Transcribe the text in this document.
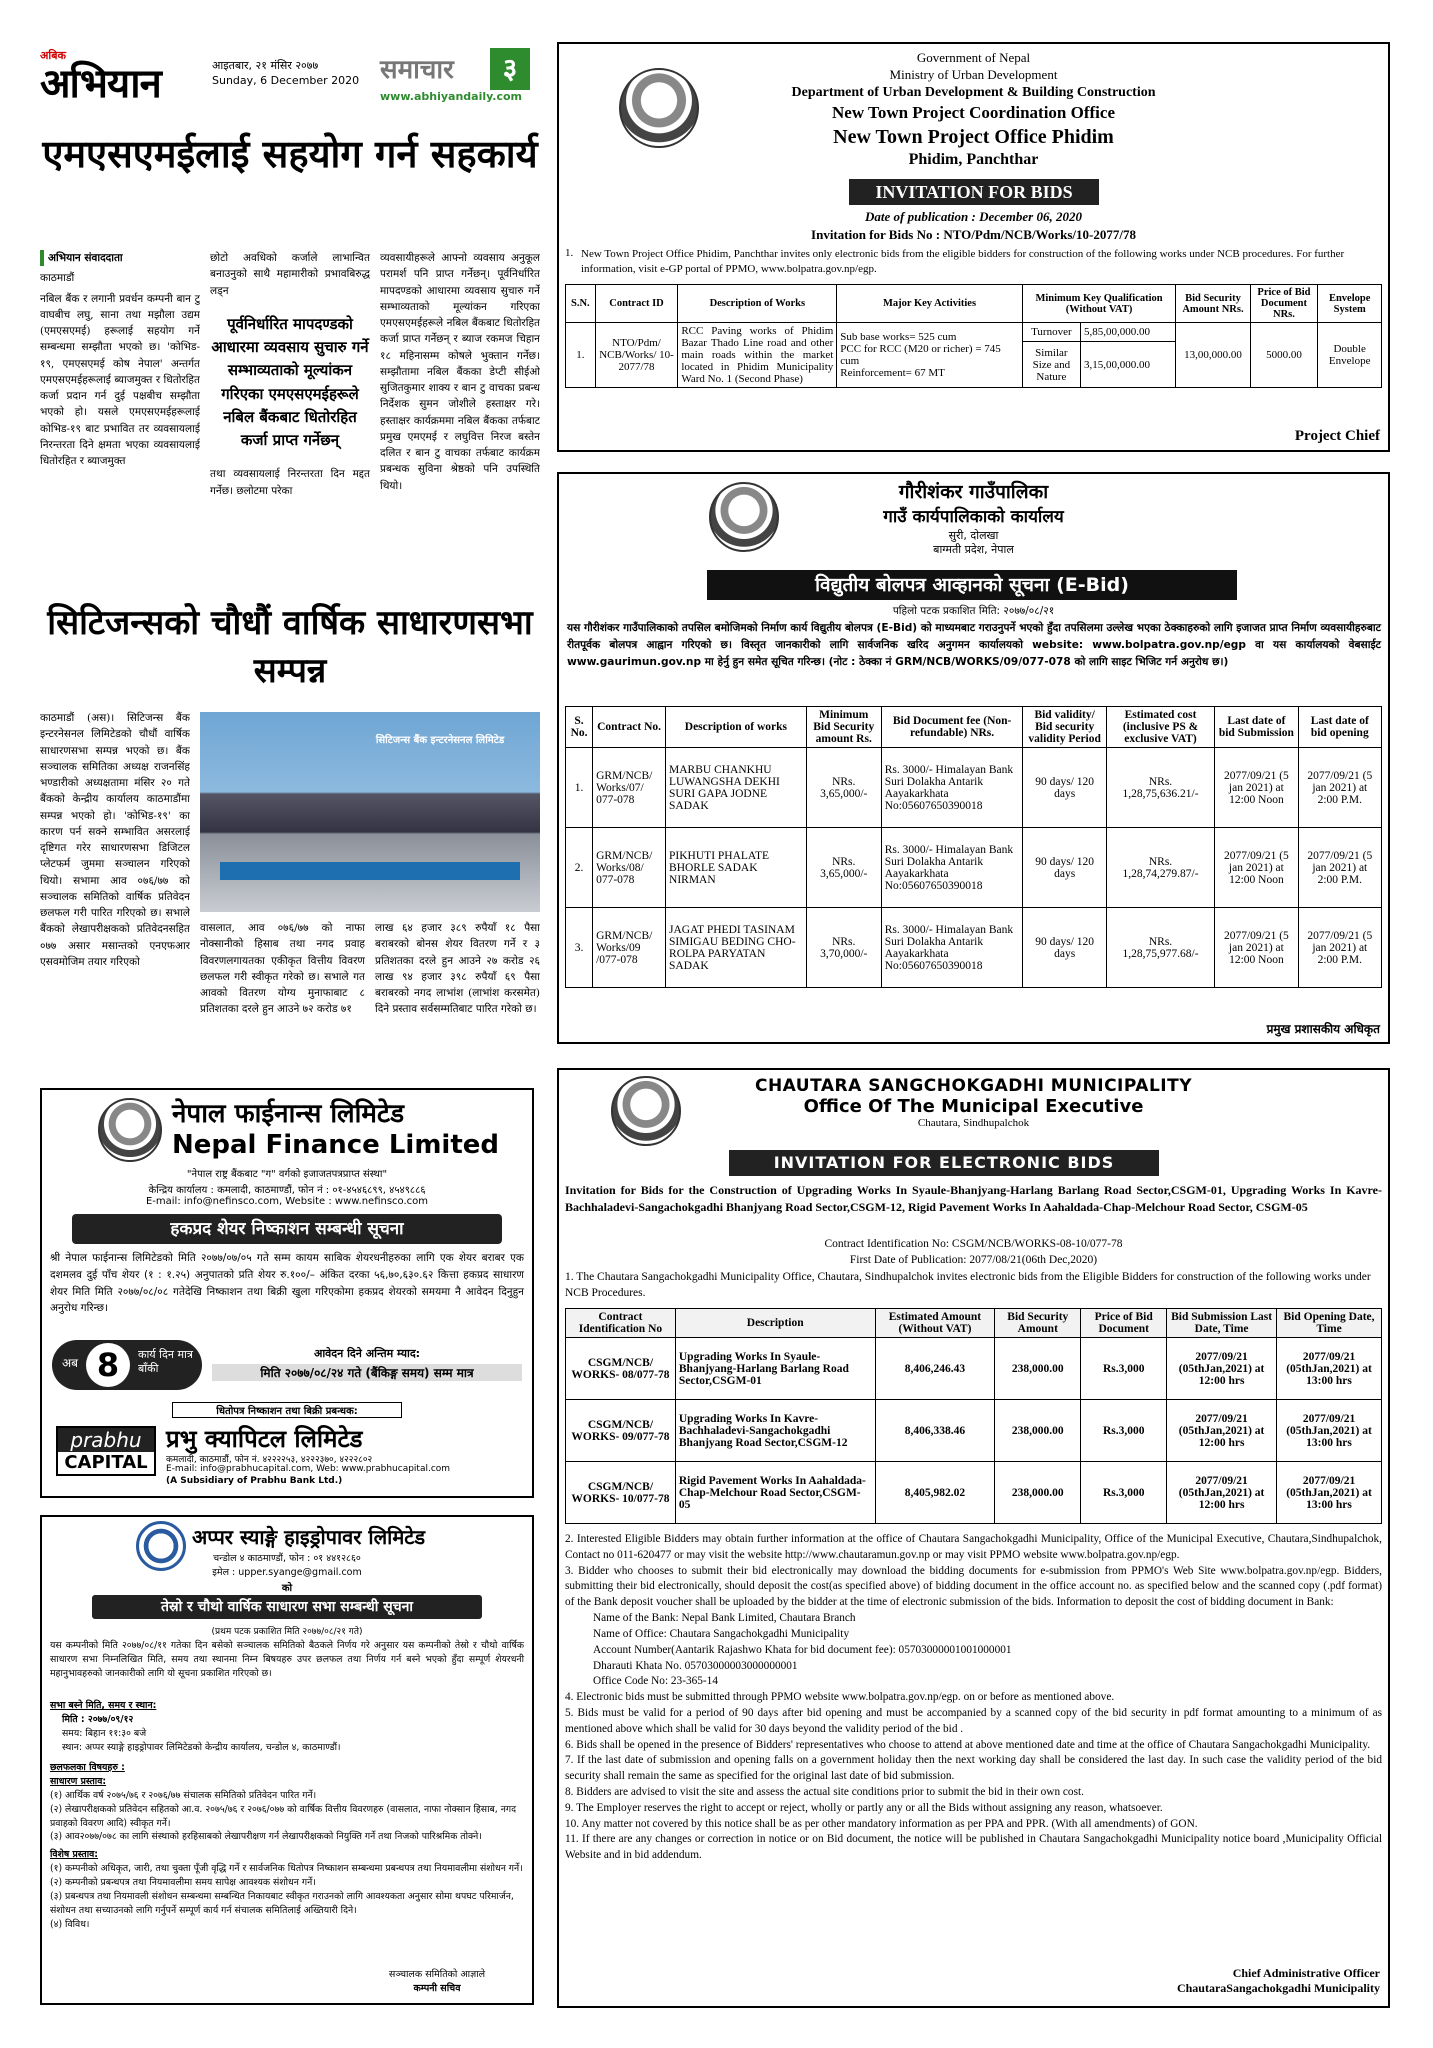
अबिक
अभियान	आइतबार, २१ मंसिर २०७७
Sunday, 6 December 2020 समाचार	३
www.abhiyandaily.com
एमएसएमईलाई सहयोग गर्न सहकार्य
अभियान संवाददाता
काठमाडौं
नबिल बैंक र लगानी प्रवर्धन कम्पनी बान टु वाघबीच लघु, साना तथा मझौला उद्यम (एमएसएमई) हरूलाई सहयोग गर्ने सम्बन्धमा सम्झौता भएको छ। 'कोभिड- १९, एमएसएमई कोष नेपाल' अन्तर्गत एमएसएमईहरूलाई ब्याजमुक्त र धितोरहित कर्जा प्रदान गर्न दुई पक्षबीच सम्झौता भएको हो। यसले एमएसएमईहरूलाई कोभिड-१९ बाट प्रभावित तर व्यवसायलाई निरन्तरता दिने क्षमता भएका व्यवसायलाई धितोरहित र ब्याजमुक्त
छोटो अवधिको कर्जाले लाभान्वित बनाउनुको साथै महामारीको प्रभावबिरुद्ध लड्न
पूर्वनिर्धारित मापदण्डको आधारमा व्यवसाय सुचारु गर्ने सम्भाव्यताको मूल्यांकन गरिएका एमएसएमईहरूले नबिल बैंकबाट धितोरहित कर्जा प्राप्त गर्नेछन्
तथा व्यवसायलाई निरन्तरता दिन मद्दत गर्नेछ। छलोटमा परेका
व्यवसायीहरूले आफ्नो व्यवसाय अनुकूल परामर्श पनि प्राप्त गर्नेछन्। पूर्वनिर्धारित मापदण्डको आधारमा व्यवसाय सुचारु गर्ने सम्भाव्यताको मूल्यांकन गरिएका एमएसएमईहरूले नबिल बैंकबाट धितोरहित कर्जा प्राप्त गर्नेछन् र ब्याज रकमज चिहान १८ महिनासम्म कोषले भुक्तान गर्नेछ। सम्झौतामा नबिल बैंकका डेप्टी सीईओ सुजितकुमार शाक्य र बान टु वाचका प्रबन्ध निर्देशक सुमन जोशीले हस्ताक्षर गरे। हस्ताक्षर कार्यक्रममा नबिल बैंकका तर्फबाट प्रमुख एमएमई र लघुवित्त निरज बस्तेन दलित र बान टु वाचका तर्फबाट कार्यक्रम प्रबन्धक सुविना श्रेष्ठको पनि उपस्थिति थियो।
सिटिजन्सको चौधौं वार्षिक साधारणसभा सम्पन्न
काठमाडौं (अस)। सिटिजन्स बैंक इन्टरनेसनल लिमिटेडको चौधौं वार्षिक साधारणसभा सम्पन्न भएको छ। बैंक सञ्चालक समितिका अध्यक्ष राजनसिंह भण्डारीको अध्यक्षतामा मंसिर २० गते बैंकको केन्द्रीय कार्यालय काठमाडौंमा सम्पन्न भएको हो। 'कोभिड-१९' का कारण पर्न सक्ने सम्भावित असरलाई दृष्टिगत गरेर साधारणसभा डिजिटल प्लेटफर्म जुममा सञ्चालन गरिएको थियो। सभामा आव ०७६/७७ को सञ्चालक समितिको वार्षिक प्रतिवेदन छलफल गरी पारित गरिएको छ। सभाले बैंकको लेखापरीक्षकको प्रतिवेदनसहित ०७७ असार मसान्तको एनएफआर एसवमोजिम तयार गरिएको
सिटिजन्स बैंक इन्टरनेसनल लिमिटेड
वासलात, आव ०७६/७७ को नाफा नोक्सानीको हिसाब तथा नगद प्रवाह विवरणलगायतका एकीकृत वित्तीय विवरण छलफल गरी स्वीकृत गरेको छ। सभाले गत आवको वितरण योग्य मुनाफाबाट ८ प्रतिशतका दरले हुन आउने ७२ करोड ७१
लाख ६४ हजार ३८९ रुपैयाँ १८ पैसा बराबरको बोनस शेयर वितरण गर्ने र ३ प्रतिशतका दरले हुन आउने २७ करोड २६ लाख ९४ हजार ३९८ रुपैयाँ ६९ पैसा बराबरको नगद लाभांश (लाभांश करसमेत) दिने प्रस्ताव सर्वसम्मतिबाट पारित गरेको छ।
नेपाल फाईनान्स लिमिटेड
Nepal Finance Limited
"नेपाल राष्ट्र बैंकबाट "ग" वर्गको इजाजतपत्रप्राप्त संस्था"
केन्द्रिय कार्यालय : कमलादी, काठमाण्डौं, फोन नं : ०१-४५४६८९९, ४५४९८८६
E-mail: info@nefinsco.com, Website : www.nefinsco.com
हकप्रद शेयर निष्काशन सम्बन्धी सूचना
श्री नेपाल फाईनान्स लिमिटेडको मिति २०७७/०७/०५ गते सम्म कायम साबिक शेयरधनीहरुका लागि एक शेयर बराबर एक दशमलव दुई पाँच शेयर (१ : १.२५) अनुपातको प्रति शेयर रु.१००/– अंकित दरका ५६,७०,६३०.६२ कित्ता हकप्रद साधारण शेयर मिति मिति २०७७/०८/०८ गतेदेखि निष्काशन तथा बिक्री खुला गरिएकोमा हकप्रद शेयरको समयमा नै आवेदन दिनुहुन अनुरोध गरिन्छ।
अब 8	कार्य दिन मात्र बाँकी
आवेदन दिने अन्तिम म्याद:
मिति २०७७/०८/२४ गते (बैंकिङ्ग समय) सम्म मात्र
धितोपत्र निष्काशन तथा बिक्री प्रबन्धक:
prabhu
CAPITAL
प्रभु क्यापिटल लिमिटेड
कमलादी, काठमाडौं, फोन नं. ४२२२२५३, ४२२२३७०, ४२२२८०२
E-mail: info@prabhucapital.com, Web: www.prabhucapital.com
(A Subsidiary of Prabhu Bank Ltd.)
अप्पर स्याङ्गे हाइड्रोपावर लिमिटेड
चन्डोल ४ काठमाण्डौं, फोन : ०१ ४४१२८६०
इमेल : upper.syange@gmail.com
को
तेस्रो र चौथो वार्षिक साधारण सभा सम्बन्धी सूचना
(प्रथम पटक प्रकाशित मिति २०७७/०८/२१ गते)
यस कम्पनीको मिति २०७७/०८/११ गतेका दिन बसेको सञ्चालक समितिको बैठकले निर्णय गरे अनुसार यस कम्पनीको तेस्रो र चौथो वार्षिक साधारण सभा निम्नलिखित मिति, समय तथा स्थानमा निम्न बिषयहरु उपर छलफल तथा निर्णय गर्न बस्ने भएको हुँदा सम्पूर्ण शेयरधनी महानुभावहरुको जानकारीको लागि यो सूचना प्रकाशित गरिएको छ।
सभा बस्ने मिति, समय र स्थान:
मिति : २०७७/०९/१२
समय: बिहान ११:३० बजे
स्थान: अप्पर स्याङ्गे हाइड्रोपावर लिमिटेडको केन्द्रीय कार्यालय, चन्डोल ४, काठमाण्डौं।
छलफलका विषयहरु :
साधारण प्रस्ताव:
(१) आर्थिक वर्ष २०७५/७६ र २०७६/७७ संचालक समितिको प्रतिवेदन पारित गर्ने।
(२) लेखापरीक्षकको प्रतिवेदन सहितको आ.व. २०७५/७६ र २०७६/०७७ को वार्षिक वित्तीय विवरणहरु (वासलात, नाफा नोक्सान हिसाब, नगद प्रवाहको विवरण आदि) स्वीकृत गर्ने।
(३) आव२०७७/०७८ का लागि संस्थाको हरहिसाबको लेखापरीक्षण गर्न लेखापरीक्षकको नियुक्ति गर्ने तथा निजको पारिश्रमिक तोक्ने।
विशेष प्रस्ताव:
(१) कम्पनीको अधिकृत, जारी, तथा चुक्ता पूँजी वृद्धि गर्ने र सार्वजनिक धितोपत्र निष्काशन सम्बन्धमा प्रबन्धपत्र तथा नियमावलीमा संशोधन गर्ने।
(२) कम्पनीको प्रबन्धपत्र तथा नियमावलीमा समय सापेक्ष आवश्यक संशोधन गर्ने।
(३) प्रबन्धपत्र तथा नियमावली संशोधन सम्बन्धमा सम्बन्धित निकायबाट स्वीकृत गराउनको लागि आवश्यकता अनुसार सोमा थपघट परिमार्जन, संशोधन तथा सच्याउनको लागि गर्नुपर्ने सम्पूर्ण कार्य गर्न संचालक समितिलाई अख्तियारी दिने।
(४) विविध।
सञ्चालक समितिको आज्ञाले
कम्पनी सचिव
Government of Nepal
Ministry of Urban Development
Department of Urban Development & Building Construction
New Town Project Coordination Office
New Town Project Office Phidim
Phidim, Panchthar
INVITATION FOR BIDS
Date of publication : December 06, 2020
Invitation for Bids No : NTO/Pdm/NCB/Works/10-2077/78
1. New Town Project Office Phidim, Panchthar invites only electronic bids from the eligible bidders for construction of the following works under NCB procedures. For further information, visit e-GP portal of PPMO, www.bolpatra.gov.np/egp.
S.N.	Contract ID	Description of Works	Major Key Activities	Minimum Key Qualification (Without VAT)		Bid Security Amount NRs.	Price of Bid Document NRs.	Envelope System
1.	NTO/Pdm/ NCB/Works/ 10-2077/78	RCC Paving works of Phidim Bazar Thado Line road and other main roads within the market located in Phidim Municipality Ward No. 1 (Second Phase)	Sub base works= 525 cum
PCC for RCC (M20 or richer) = 745 cum
Reinforcement= 67 MT	Turnover	5,85,00,000.00	13,00,000.00	5000.00	Double Envelope
				Similar Size and Nature	3,15,00,000.00			
Project Chief
गौरीशंकर गाउँपालिका
गाउँ कार्यपालिकाको कार्यालय
सुरी, दोलखा
बाग्मती प्रदेश, नेपाल
विद्युतीय बोलपत्र आव्हानको सूचना (E-Bid)
पहिलो पटक प्रकाशित मिति: २०७७/०८/२१
यस गौरीशंकर गाउँपालिकाको तपसिल बमोजिमको निर्माण कार्य विद्युतीय बोलपत्र (E-Bid) को माध्यमबाट गराउनुपर्ने भएको हुँदा तपसिलमा उल्लेख भएका ठेक्काहरुको लागि इजाजत प्राप्त निर्माण व्यवसायीहरुबाट रीतपूर्वक बोलपत्र आह्वान गरिएको छ। विस्तृत जानकारीको लागि सार्वजनिक खरिद अनुगमन कार्यालयको website: www.bolpatra.gov.np/egp वा यस कार्यालयको वेबसाईट www.gaurimun.gov.np मा हेर्नु हुन समेत सूचित गरिन्छ। (नोट : ठेक्का नं GRM/NCB/WORKS/09/077-078 को लागि साइट भिजिट गर्न अनुरोध छ।)
S. No.	Contract No.	Description of works	Minimum Bid Security amount Rs.	Bid Document fee (Non-refundable) NRs.	Bid validity/ Bid security validity Period	Estimated cost (inclusive PS & exclusive VAT)	Last date of bid Submission	Last date of bid opening
1.	GRM/NCB/ Works/07/ 077-078	MARBU CHANKHU LUWANGSHA DEKHI SURI GAPA JODNE SADAK	NRs. 3,65,000/-	Rs. 3000/- Himalayan Bank Suri Dolakha Antarik Aayakarkhata No:05607650390018	90 days/ 120 days	NRs. 1,28,75,636.21/-	2077/09/21 (5 jan 2021) at 12:00 Noon	2077/09/21 (5 jan 2021) at 2:00 P.M.
2.	GRM/NCB/ Works/08/ 077-078	PIKHUTI PHALATE BHORLE SADAK NIRMAN	NRs. 3,65,000/-	Rs. 3000/- Himalayan Bank Suri Dolakha Antarik Aayakarkhata No:05607650390018	90 days/ 120 days	NRs. 1,28,74,279.87/-	2077/09/21 (5 jan 2021) at 12:00 Noon	2077/09/21 (5 jan 2021) at 2:00 P.M.
3.	GRM/NCB/ Works/09 /077-078	JAGAT PHEDI TASINAM SIMIGAU BEDING CHO-ROLPA PARYATAN SADAK	NRs. 3,70,000/-	Rs. 3000/- Himalayan Bank Suri Dolakha Antarik Aayakarkhata No:05607650390018	90 days/ 120 days	NRs. 1,28,75,977.68/-	2077/09/21 (5 jan 2021) at 12:00 Noon	2077/09/21 (5 jan 2021) at 2:00 P.M.
प्रमुख प्रशासकीय अधिकृत
CHAUTARA SANGCHOKGADHI MUNICIPALITY
Office Of The Municipal Executive
Chautara, Sindhupalchok
INVITATION FOR ELECTRONIC BIDS
Invitation for Bids for the Construction of Upgrading Works In Syaule-Bhanjyang-Harlang Barlang Road Sector,CSGM-01, Upgrading Works In Kavre-Bachhaladevi-Sangachokgadhi Bhanjyang Road Sector,CSGM-12, Rigid Pavement Works In Aahaldada-Chap-Melchour Road Sector, CSGM-05
Contract Identification No: CSGM/NCB/WORKS-08-10/077-78
First Date of Publication: 2077/08/21(06th Dec,2020)
1. The Chautara Sangachokgadhi Municipality Office, Chautara, Sindhupalchok invites electronic bids from the Eligible Bidders for construction of the following works under NCB Procedures.
Contract Identification No	Description	Estimated Amount (Without VAT)	Bid Security Amount	Price of Bid Document	Bid Submission Last Date, Time	Bid Opening Date, Time
CSGM/NCB/ WORKS- 08/077-78	Upgrading Works In Syaule-Bhanjyang-Harlang Barlang Road Sector,CSGM-01	8,406,246.43	238,000.00	Rs.3,000	2077/09/21 (05thJan,2021) at 12:00 hrs	2077/09/21 (05thJan,2021) at 13:00 hrs
CSGM/NCB/ WORKS- 09/077-78	Upgrading Works In Kavre-Bachhaladevi-Sangachokgadhi Bhanjyang Road Sector,CSGM-12	8,406,338.46	238,000.00	Rs.3,000	2077/09/21 (05thJan,2021) at 12:00 hrs	2077/09/21 (05thJan,2021) at 13:00 hrs
CSGM/NCB/ WORKS- 10/077-78	Rigid Pavement Works In Aahaldada-Chap-Melchour Road Sector,CSGM-05	8,405,982.02	238,000.00	Rs.3,000	2077/09/21 (05thJan,2021) at 12:00 hrs	2077/09/21 (05thJan,2021) at 13:00 hrs
2. Interested Eligible Bidders may obtain further information at the office of Chautara Sangachokgadhi Municipality, Office of the Municipal Executive, Chautara,Sindhupalchok, Contact no 011-620477 or may visit the website http://www.chautaramun.gov.np or may visit PPMO website www.bolpatra.gov.np/egp.
3. Bidder who chooses to submit their bid electronically may download the bidding documents for e-submission from PPMO's Web Site www.bolpatra.gov.np/egp. Bidders, submitting their bid electronically, should deposit the cost(as specified above) of bidding document in the office account no. as specified below and the scanned copy (.pdf format) of the Bank deposit voucher shall be uploaded by the bidder at the time of electronic submission of the bids. Information to deposit the cost of bidding document in Bank:
Name of the Bank: Nepal Bank Limited, Chautara Branch
Name of Office: Chautara Sangachokgadhi Municipality
Account Number(Aantarik Rajashwo Khata for bid document fee): 05703000001001000001
Dharauti Khata No. 05703000003000000001
Office Code No: 23-365-14
4. Electronic bids must be submitted through PPMO website www.bolpatra.gov.np/egp. on or before as mentioned above.
5. Bids must be valid for a period of 90 days after bid opening and must be accompanied by a scanned copy of the bid security in pdf format amounting to a minimum of as mentioned above which shall be valid for 30 days beyond the validity period of the bid .
6. Bids shall be opened in the presence of Bidders' representatives who choose to attend at above mentioned date and time at the office of Chautara Sangachokgadhi Municipality.
7. If the last date of submission and opening falls on a government holiday then the next working day shall be considered the last day. In such case the validity period of the bid security shall remain the same as specified for the original last date of bid submission.
8. Bidders are advised to visit the site and assess the actual site conditions prior to submit the bid in their own cost.
9. The Employer reserves the right to accept or reject, wholly or partly any or all the Bids without assigning any reason, whatsoever.
10. Any matter not covered by this notice shall be as per other mandatory information as per PPA and PPR. (With all amendments) of GON.
11. If there are any changes or correction in notice or on Bid document, the notice will be published in Chautara Sangachokgadhi Municipality notice board ,Municipality Official Website and in bid addendum.
Chief Administrative Officer
ChautaraSangachokgadhi Municipality
